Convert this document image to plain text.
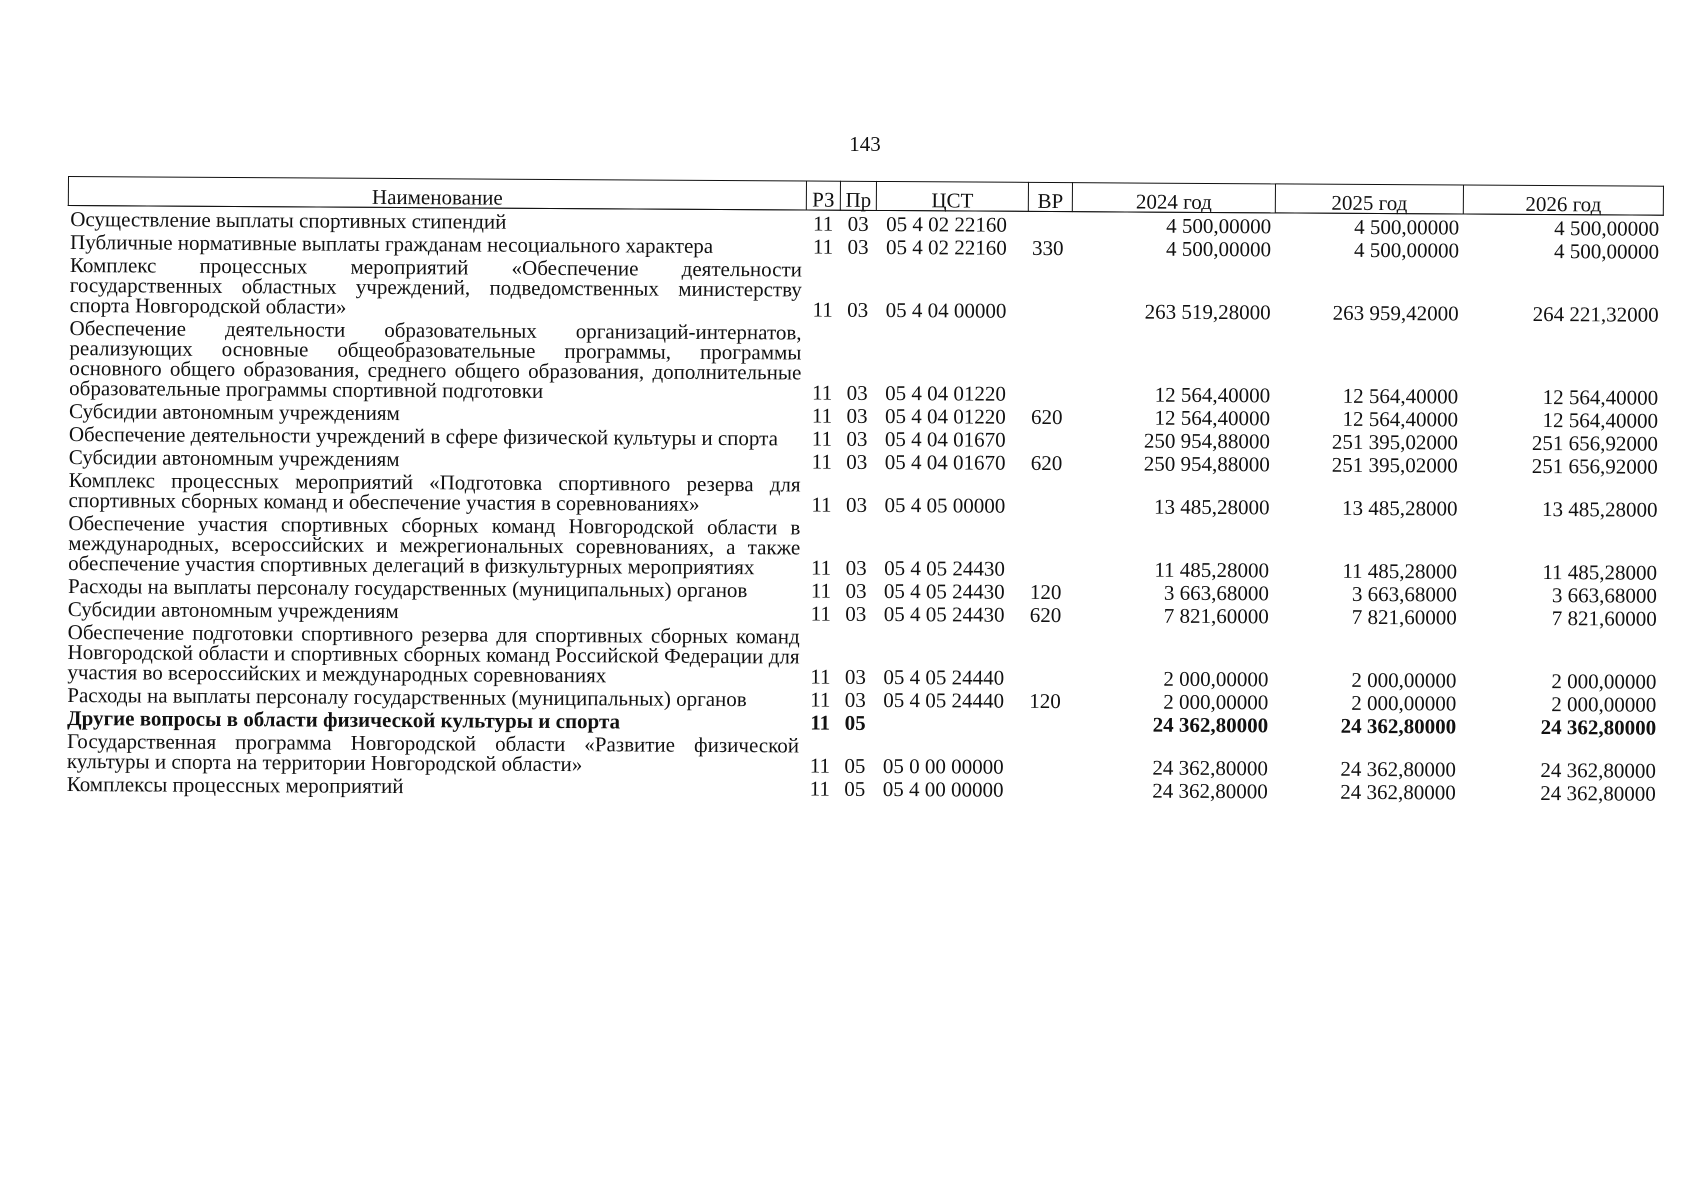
143
Наименование	РЗ	Пр	ЦСТ	ВР	2024 год	2025 год	2026 год
Осуществление выплаты спортивных стипендий	11	03	05 4 02 22160		4 500,00000	4 500,00000	4 500,00000
Публичные нормативные выплаты гражданам несоциального характера	11	03	05 4 02 22160	330	4 500,00000	4 500,00000	4 500,00000
Комплекс процессных мероприятий «Обеспечение деятельности государственных областных учреждений, подведомственных министерству спорта Новгородской области»	11	03	05 4 04 00000		263 519,28000	263 959,42000	264 221,32000
Обеспечение деятельности образовательных организаций-интернатов, реализующих основные общеобразовательные программы, программы основного общего образования, среднего общего образования, дополнительные образовательные программы спортивной подготовки	11	03	05 4 04 01220		12 564,40000	12 564,40000	12 564,40000
Субсидии автономным учреждениям	11	03	05 4 04 01220	620	12 564,40000	12 564,40000	12 564,40000
Обеспечение деятельности учреждений в сфере физической культуры и спорта	11	03	05 4 04 01670		250 954,88000	251 395,02000	251 656,92000
Субсидии автономным учреждениям	11	03	05 4 04 01670	620	250 954,88000	251 395,02000	251 656,92000
Комплекс процессных мероприятий «Подготовка спортивного резерва для спортивных сборных команд и обеспечение участия в соревнованиях»	11	03	05 4 05 00000		13 485,28000	13 485,28000	13 485,28000
Обеспечение участия спортивных сборных команд Новгородской области в международных, всероссийских и межрегиональных соревнованиях, а также обеспечение участия спортивных делегаций в физкультурных мероприятиях	11	03	05 4 05 24430		11 485,28000	11 485,28000	11 485,28000
Расходы на выплаты персоналу государственных (муниципальных) органов	11	03	05 4 05 24430	120	3 663,68000	3 663,68000	3 663,68000
Субсидии автономным учреждениям	11	03	05 4 05 24430	620	7 821,60000	7 821,60000	7 821,60000
Обеспечение подготовки спортивного резерва для спортивных сборных команд Новгородской области и спортивных сборных команд Российской Федерации для участия во всероссийских и международных соревнованиях	11	03	05 4 05 24440		2 000,00000	2 000,00000	2 000,00000
Расходы на выплаты персоналу государственных (муниципальных) органов	11	03	05 4 05 24440	120	2 000,00000	2 000,00000	2 000,00000
Другие вопросы в области физической культуры и спорта	11	05			24 362,80000	24 362,80000	24 362,80000
Государственная программа Новгородской области «Развитие физической культуры и спорта на территории Новгородской области»	11	05	05 0 00 00000		24 362,80000	24 362,80000	24 362,80000
Комплексы процессных мероприятий	11	05	05 4 00 00000		24 362,80000	24 362,80000	24 362,80000
